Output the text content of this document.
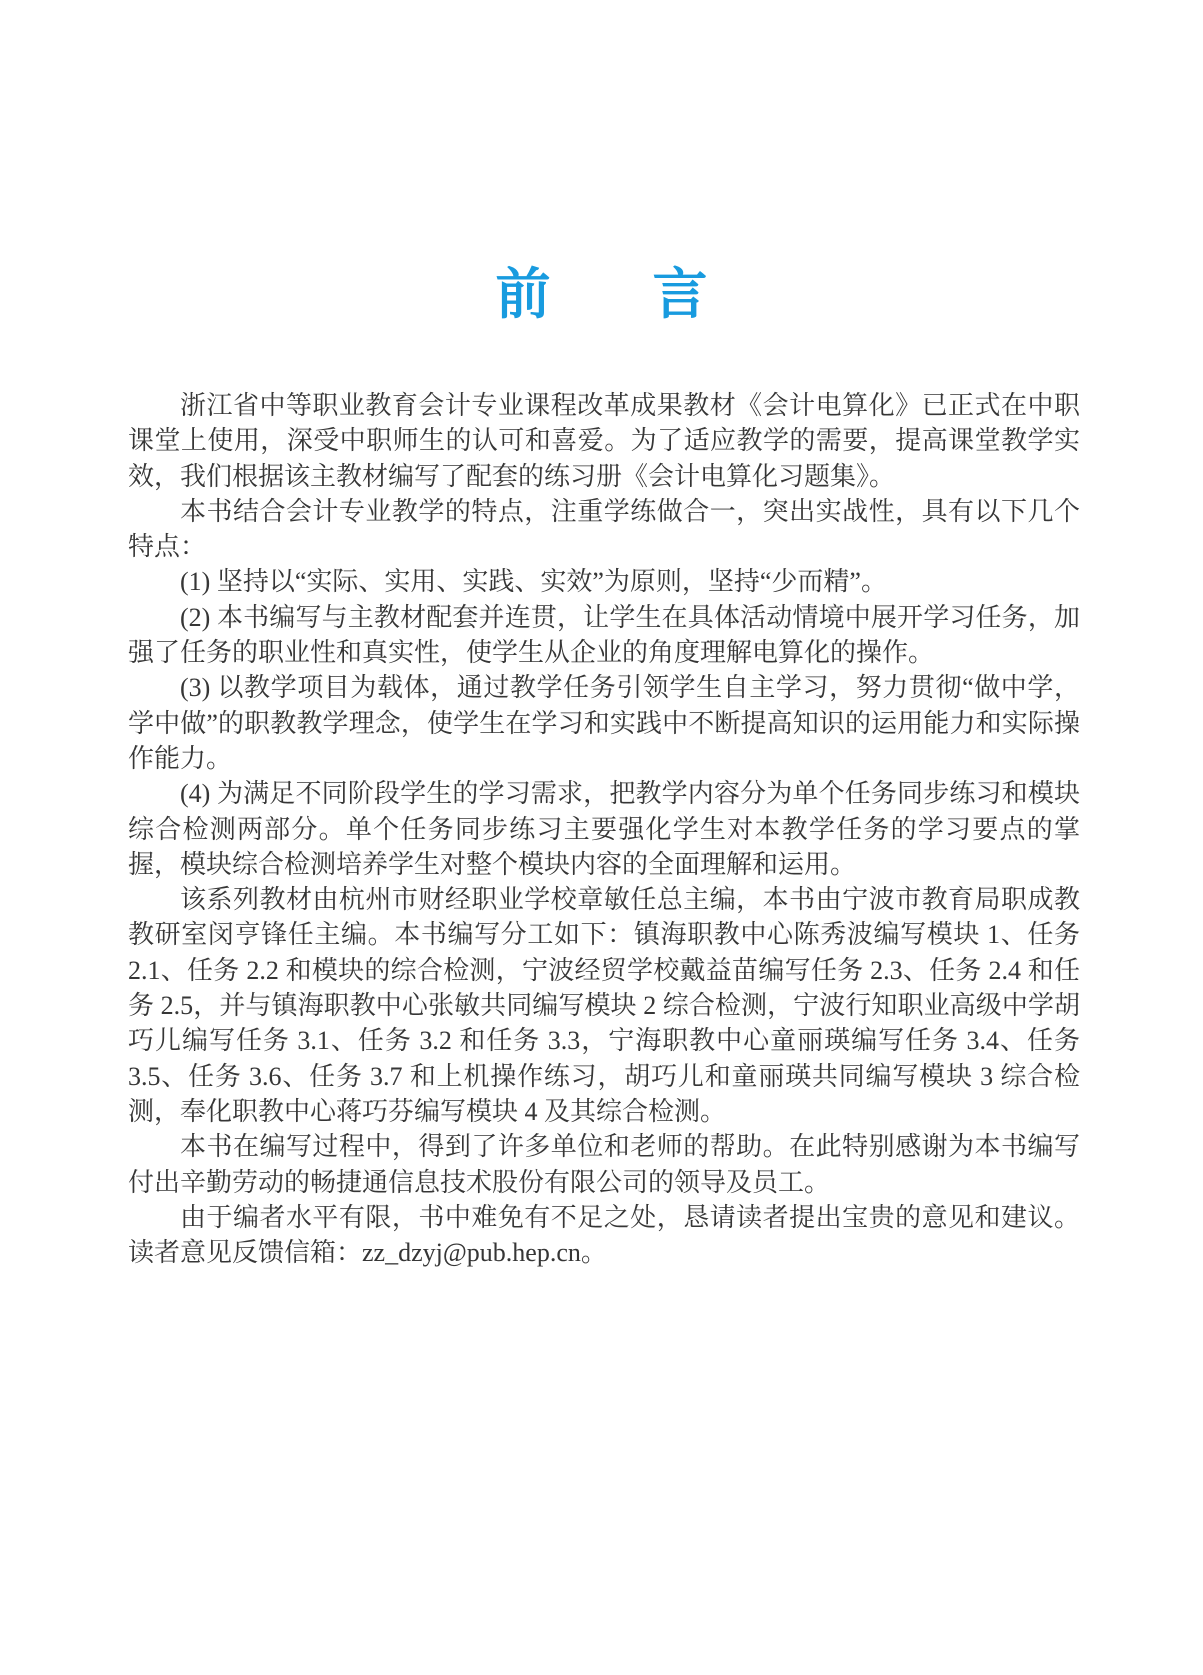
前 言

浙江省中等职业教育会计专业课程改革成果教材《会计电算化》已正式在中职课堂上使用，深受中职师生的认可和喜爱。为了适应教学的需要，提高课堂教学实效，我们根据该主教材编写了配套的练习册《会计电算化习题集》。

本书结合会计专业教学的特点，注重学练做合一，突出实战性，具有以下几个特点：

(1) 坚持以“实际、实用、实践、实效”为原则，坚持“少而精”。

(2) 本书编写与主教材配套并连贯，让学生在具体活动情境中展开学习任务，加强了任务的职业性和真实性，使学生从企业的角度理解电算化的操作。

(3) 以教学项目为载体，通过教学任务引领学生自主学习，努力贯彻“做中学，学中做”的职教教学理念，使学生在学习和实践中不断提高知识的运用能力和实际操作能力。

(4) 为满足不同阶段学生的学习需求，把教学内容分为单个任务同步练习和模块综合检测两部分。单个任务同步练习主要强化学生对本教学任务的学习要点的掌握，模块综合检测培养学生对整个模块内容的全面理解和运用。

该系列教材由杭州市财经职业学校章敏任总主编，本书由宁波市教育局职成教教研室闵亨锋任主编。本书编写分工如下：镇海职教中心陈秀波编写模块 1、任务 2.1、任务 2.2 和模块的综合检测，宁波经贸学校戴益苗编写任务 2.3、任务 2.4 和任务 2.5，并与镇海职教中心张敏共同编写模块 2 综合检测，宁波行知职业高级中学胡巧儿编写任务 3.1、任务 3.2 和任务 3.3，宁海职教中心童丽瑛编写任务 3.4、任务 3.5、任务 3.6、任务 3.7 和上机操作练习，胡巧儿和童丽瑛共同编写模块 3 综合检测，奉化职教中心蒋巧芬编写模块 4 及其综合检测。

本书在编写过程中，得到了许多单位和老师的帮助。在此特别感谢为本书编写付出辛勤劳动的畅捷通信息技术股份有限公司的领导及员工。

由于编者水平有限，书中难免有不足之处，恳请读者提出宝贵的意见和建议。读者意见反馈信箱：zz_dzyj@pub.hep.cn。
